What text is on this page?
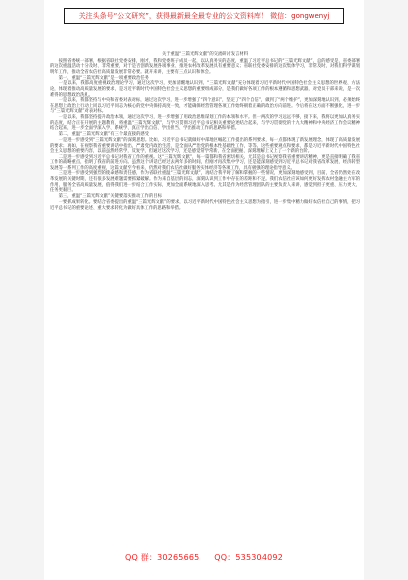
关注头条号“公文研究”，获得最新最全最专业的公文资料库！ 微信：gongwenyj
关于重温“三篇光辉文献”的交流研讨发言材料

按照省委统一部署，根据省联社党委安排，刚才，我和党委班子成员一起，以认真务实的态度，重温了习近平总书记的“三篇光辉文献”，总的感受是，省委部署的这次重温活动十分及时、非常重要，对于是否创新发展各项事业、推进农村改革发展具有重要意义；省联社党委安排的这次集体学习，非常及时，对我们科学谋划明年工作，推动全省农信社高质量发展非常必要。就开来讲，主要有三点认识和体会。

第一，重温“三篇光辉文献”是一项重要政治任务

一是以来，我都高度重视政治理论学习，通过这次学习，更加清醒地认识到，“三篇光辉文献”充分体现着习近平新时代中国特色社会主义思想的世界观、方法论，体现着推动高质量发展的要求，是习近平新时代中国特色社会主义思想的重要组成部分，是我们做好各项工作的根本遵循和思想武器，对党员干部来说，是一次难得的思想政治洗礼。

一是以来，我都坚持与中央和省委对表对标，通过这次学习，进一步增强了“四个意识”，坚定了“四个自信”，做到了“两个维护”，更加深刻地认识到，必须始终在思想上政治上行动上同以习近平同志为核心的党中央保持高度一致，才能确保经营管理各项工作始终朝着正确的政治方向前进。今后将在这方面不断强化，进一步与“三篇光辉文献”对表对标。

一是以来，我都坚持提升政治本领，通过这次学习，进一步增强了用政治思维谋划工作的本领和水平。但一两次的学习远远不够，接下来，我将以更加认真务实的态度，结合正在开展的主题教育，将重温“三篇光辉文献”，与学习贯彻习近平总书记相关重要论述结合起来，与学习贯彻党的十九大精神和中央经济工作会议精神结合起来，进一步全面学深入学、系统学、真正学出自信、学出担当、学出推动工作的思路和举措。

第二，重温“三篇光辉文献”有三个最直接的感受

一是进一步感受到“三篇光辉文献”的深刻思想。比如，习近平总书记就做好中部地区崛起工作提出的系列要求，每一点都体现了新发展理念，体现了高质量发展的要求；再如，在视察我省重要讲话中指出，严肃党内政治生活，是全面从严治党的根本性基础性工作，等等。这些重要观点和要求，都是习近平新时代中国特色社会主义思想的重要内容，以前虽然经常学，反复学，但通过这次学习，还是感觉常学常新，在全面把握、深刻理解上又上了一个新的台阶。

二是进一步感受到习近平总书记对我省工作的重视。这“三篇光辉文献”，每一篇都和我省密切相关，尤其是总书记视察我省重要讲话精神，更是直接明确了我省工作的战略重点，指明了我省的前进方向。虽然这个讲话已经过去两年多的时间，但刚才再次集中学习，还是能深刻感受到习近平总书记对我省改革发展、经济转型发展等一系列工作的高度重视，这篇文献至今看来，仍然对我们农信社做好服务实体经济等各项工作，具有极强的理论指导意义。

三是进一步感受到强烈的使命感和责任感，作为省联社重温“三篇光辉文献”，再结合我平时了解和掌握的一些情况，更加深刻地感受到，目前，全省仍然处在改革发展的关键时期，还有很多发展难题需要抓紧破解。作为来自基层的同志，深刻认识到工作中存在的差距和不足。我们农信社应该如何更好发挥农村金融主力军的作用，服务全省高质量发展，值得我们进一步结合工作实际，更加全面系统地深入思考。尤其是作为经营管理团队的主要负责人来讲，感觉到担子更重、压力更大、任务更艰巨。

第三，重温“三篇光辉文献”关键要落实推动工作的目标

一要抓成果转化。要结合省委提出的重温“三篇光辉文献”的要求，以习近平新时代中国特色社会主义思想为指引，进一步集中精力做好农信社自己的事情，把习近平总书记的重要论述、重大要求转化为做好具体工作的思路和举措。

QQ 群：30265665 QQ：535304092
